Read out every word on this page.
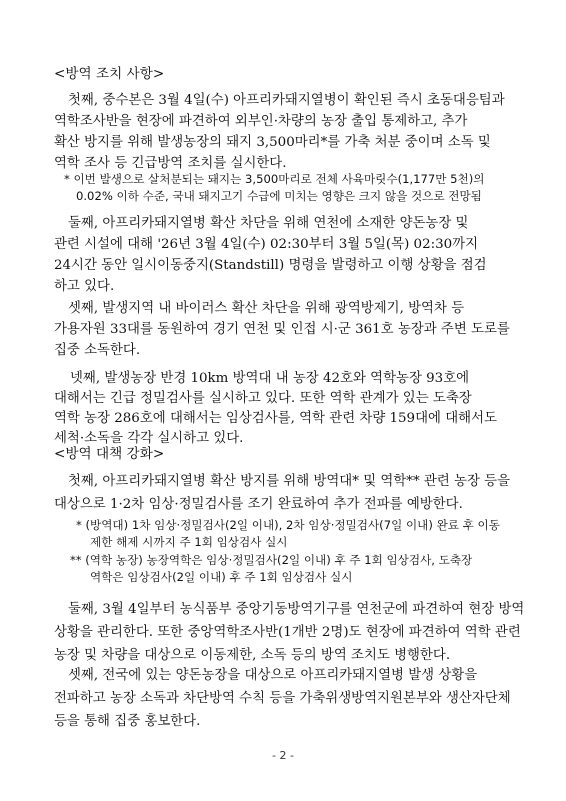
<방역 조치 사항>
첫째, 중수본은 3월 4일(수) 아프리카돼지열병이 확인된 즉시 초동대응팀과
역학조사반을 현장에 파견하여 외부인·차량의 농장 출입 통제하고, 추가
확산 방지를 위해 발생농장의 돼지 3,500마리*를 가축 처분 중이며 소독 및
역학 조사 등 긴급방역 조치를 실시한다.
* 이번 발생으로 살처분되는 돼지는 3,500마리로 전체 사육마릿수(1,177만 5천)의
0.02% 이하 수준, 국내 돼지고기 수급에 미치는 영향은 크지 않을 것으로 전망됨
둘째, 아프리카돼지열병 확산 차단을 위해 연천에 소재한 양돈농장 및
관련 시설에 대해 '26년 3월 4일(수) 02:30부터 3월 5일(목) 02:30까지
24시간 동안 일시이동중지(Standstill) 명령을 발령하고 이행 상황을 점검
하고 있다.
셋째, 발생지역 내 바이러스 확산 차단을 위해 광역방제기, 방역차 등
가용자원 33대를 동원하여 경기 연천 및 인접 시·군 361호 농장과 주변 도로를
집중 소독한다.
넷째, 발생농장 반경 10km 방역대 내 농장 42호와 역학농장 93호에
대해서는 긴급 정밀검사를 실시하고 있다. 또한 역학 관계가 있는 도축장
역학 농장 286호에 대해서는 임상검사를, 역학 관련 차량 159대에 대해서도
세척·소독을 각각 실시하고 있다.
<방역 대책 강화>
첫째, 아프리카돼지열병 확산 방지를 위해 방역대* 및 역학** 관련 농장 등을
대상으로 1·2차 임상·정밀검사를 조기 완료하여 추가 전파를 예방한다.
* (방역대) 1차 임상·정밀검사(2일 이내), 2차 임상·정밀검사(7일 이내) 완료 후 이동
제한 해제 시까지 주 1회 임상검사 실시
** (역학 농장) 농장역학은 임상·정밀검사(2일 이내) 후 주 1회 임상검사, 도축장
역학은 임상검사(2일 이내) 후 주 1회 임상검사 실시
- 2 -
둘째, 3월 4일부터 농식품부 중앙기동방역기구를 연천군에 파견하여 현장 방역
상황을 관리한다. 또한 중앙역학조사반(1개반 2명)도 현장에 파견하여 역학 관련
농장 및 차량을 대상으로 이동제한, 소독 등의 방역 조치도 병행한다.
셋째, 전국에 있는 양돈농장을 대상으로 아프리카돼지열병 발생 상황을
전파하고 농장 소독과 차단방역 수칙 등을 가축위생방역지원본부와 생산자단체
등을 통해 집중 홍보한다.
